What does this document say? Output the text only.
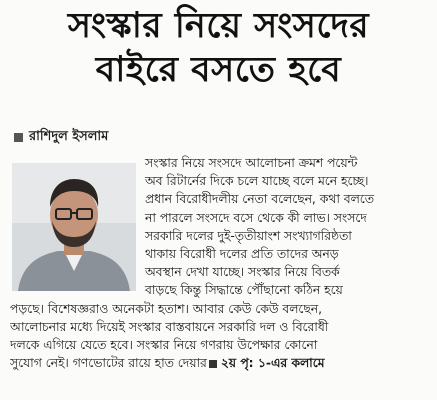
সংস্কার নিয়ে সংসদের
বাইরে বসতে হবে
রাশিদুল ইসলাম
সংস্কার নিয়ে সংসদে আলোচনা ক্রমশ পয়েন্ট
অব রিটার্নের দিকে চলে যাচ্ছে বলে মনে হচ্ছে।
প্রধান বিরোধীদলীয় নেতা বলেছেন, কথা বলতে
না পারলে সংসদে বসে থেকে কী লাভ। সংসদে
সরকারি দলের দুই-তৃতীয়াংশ সংখ্যাগরিষ্ঠতা
থাকায় বিরোধী দলের প্রতি তাদের অনড়
অবস্থান দেখা যাচ্ছে। সংস্কার নিয়ে বিতর্ক
বাড়ছে কিন্তু সিদ্ধান্তে পৌঁছানো কঠিন হয়ে
পড়ছে। বিশেষজ্ঞরাও অনেকটা হতাশ। আবার কেউ কেউ বলছেন,
আলোচনার মধ্যে দিয়েই সংস্কার বাস্তবায়নে সরকারি দল ও বিরোধী
দলকে এগিয়ে যেতে হবে। সংস্কার নিয়ে গণরায় উপেক্ষার কোনো
সুযোগ নেই। গণভোটের রায়ে হাত দেয়ার ২য় পৃ: ১-এর কলামে
